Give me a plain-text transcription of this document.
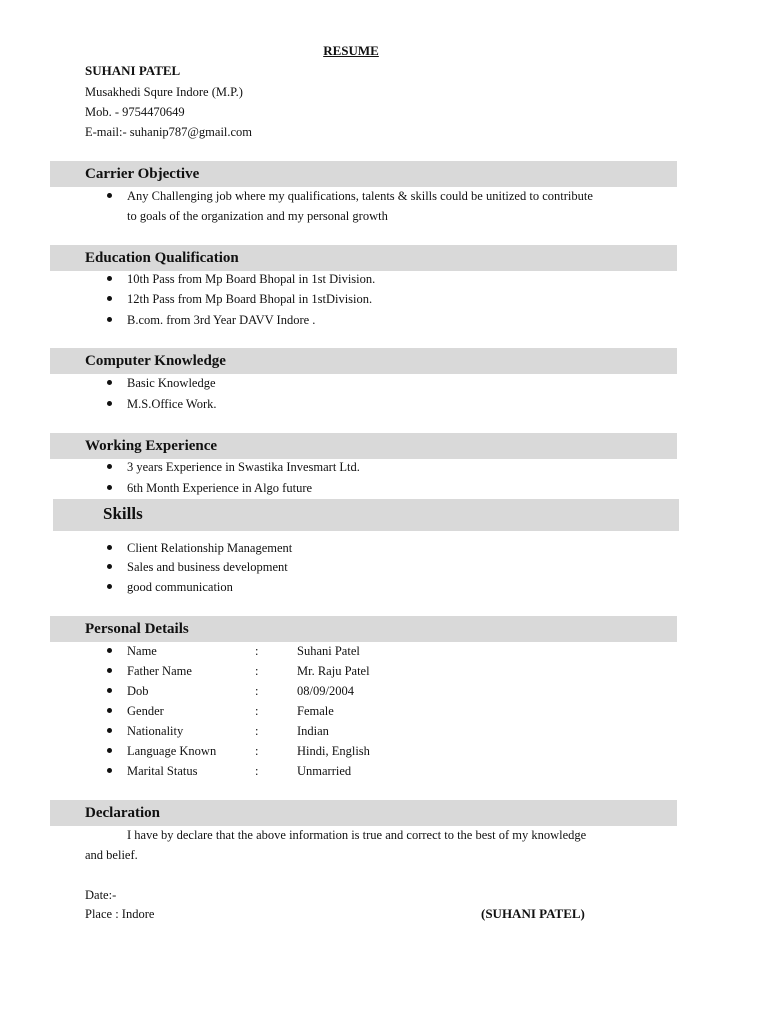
RESUME
SUHANI PATEL
Musakhedi Squre Indore (M.P.)
Mob. - 9754470649
E-mail:- suhanip787@gmail.com
Carrier Objective
Any Challenging job where my qualifications, talents & skills could be unitized to contribute
to goals of the organization and my personal growth
Education Qualification
10th Pass from Mp Board Bhopal in 1st Division.
12th Pass from Mp Board Bhopal in 1stDivision.
B.com. from 3rd Year DAVV Indore .
Computer Knowledge
Basic Knowledge
M.S.Office Work.
Working Experience
3 years Experience in Swastika Invesmart Ltd.
6th Month Experience in Algo future
Skills
Client Relationship Management
Sales and business development
good communication
Personal Details
Name	:	Suhani Patel
Father Name	:	Mr. Raju Patel
Dob	:	08/09/2004
Gender	:	Female
Nationality	:	Indian
Language Known	:	Hindi, English
Marital Status	:	Unmarried
Declaration
I have by declare that the above information is true and correct to the best of my knowledge
and belief.
Date:-
Place : Indore	(SUHANI PATEL)
